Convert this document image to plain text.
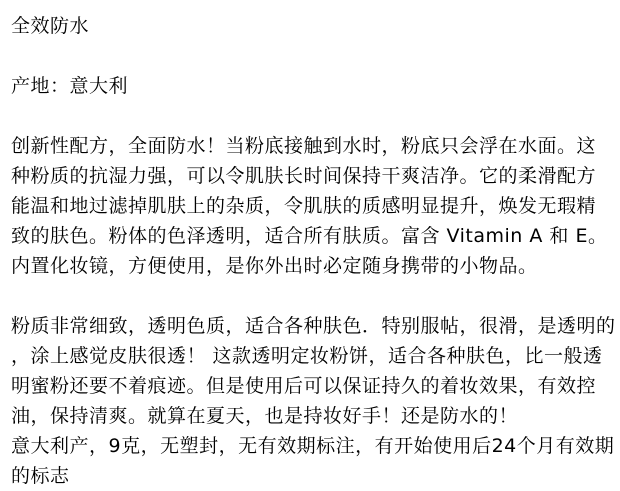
全效防水
产地：意大利
创新性配方，全面防水！当粉底接触到水时，粉底只会浮在水面。这
种粉质的抗湿力强，可以令肌肤长时间保持干爽洁净。它的柔滑配方
能温和地过滤掉肌肤上的杂质，令肌肤的质感明显提升，焕发无瑕精
致的肤色。粉体的色泽透明，适合所有肤质。富含 Vitamin A 和 E。
内置化妆镜，方便使用，是你外出时必定随身携带的小物品。
粉质非常细致，透明色质，适合各种肤色．特别服帖，很滑，是透明的
，涂上感觉皮肤很透！ 这款透明定妆粉饼，适合各种肤色，比一般透
明蜜粉还要不着痕迹。但是使用后可以保证持久的着妆效果，有效控
油，保持清爽。就算在夏天，也是持妆好手！还是防水的！
意大利产，9克，无塑封，无有效期标注，有开始使用后24个月有效期
的标志
